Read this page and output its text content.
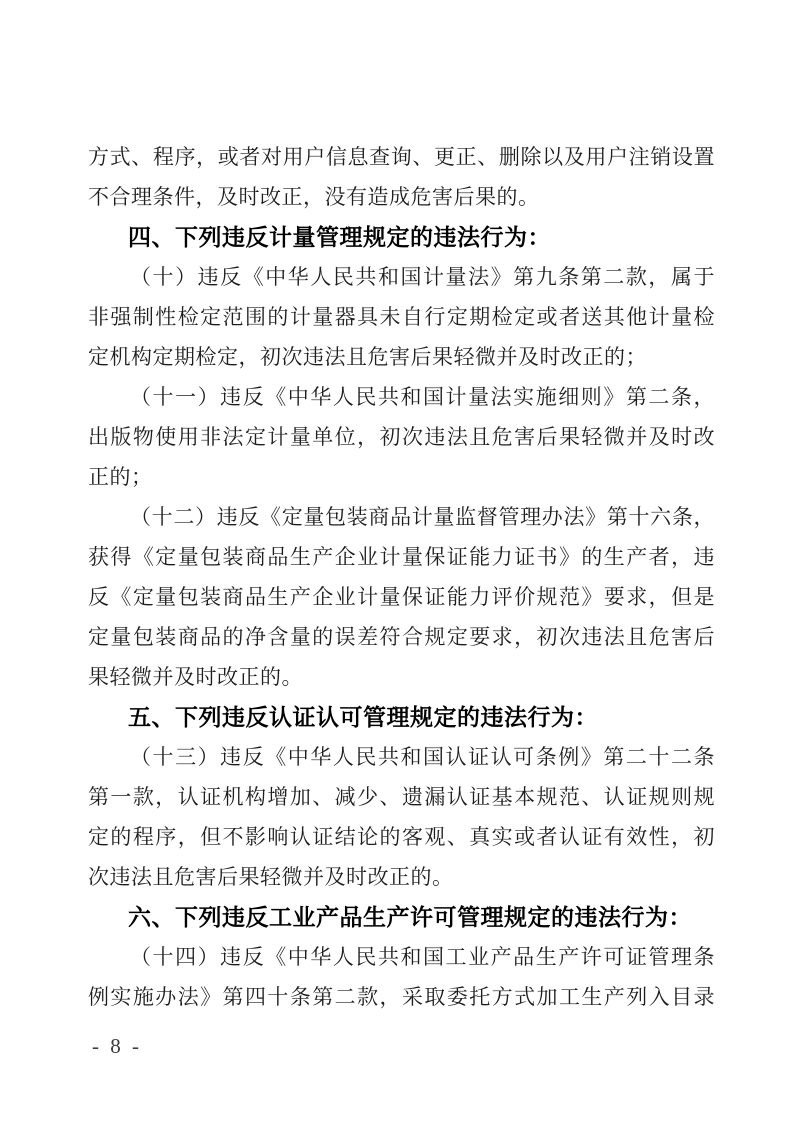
方式、程序，或者对用户信息查询、更正、删除以及用户注销设置
不合理条件，及时改正，没有造成危害后果的。
四、下列违反计量管理规定的违法行为：
（十）违反《中华人民共和国计量法》第九条第二款，属于
非强制性检定范围的计量器具未自行定期检定或者送其他计量检
定机构定期检定，初次违法且危害后果轻微并及时改正的；
（十一）违反《中华人民共和国计量法实施细则》第二条，
出版物使用非法定计量单位，初次违法且危害后果轻微并及时改
正的；
（十二）违反《定量包装商品计量监督管理办法》第十六条，
获得《定量包装商品生产企业计量保证能力证书》的生产者，违
反《定量包装商品生产企业计量保证能力评价规范》要求，但是
定量包装商品的净含量的误差符合规定要求，初次违法且危害后
果轻微并及时改正的。
五、下列违反认证认可管理规定的违法行为：
（十三）违反《中华人民共和国认证认可条例》第二十二条
第一款，认证机构增加、减少、遗漏认证基本规范、认证规则规
定的程序，但不影响认证结论的客观、真实或者认证有效性，初
次违法且危害后果轻微并及时改正的。
六、下列违反工业产品生产许可管理规定的违法行为：
（十四）违反《中华人民共和国工业产品生产许可证管理条
例实施办法》第四十条第二款，采取委托方式加工生产列入目录
- 8 -
